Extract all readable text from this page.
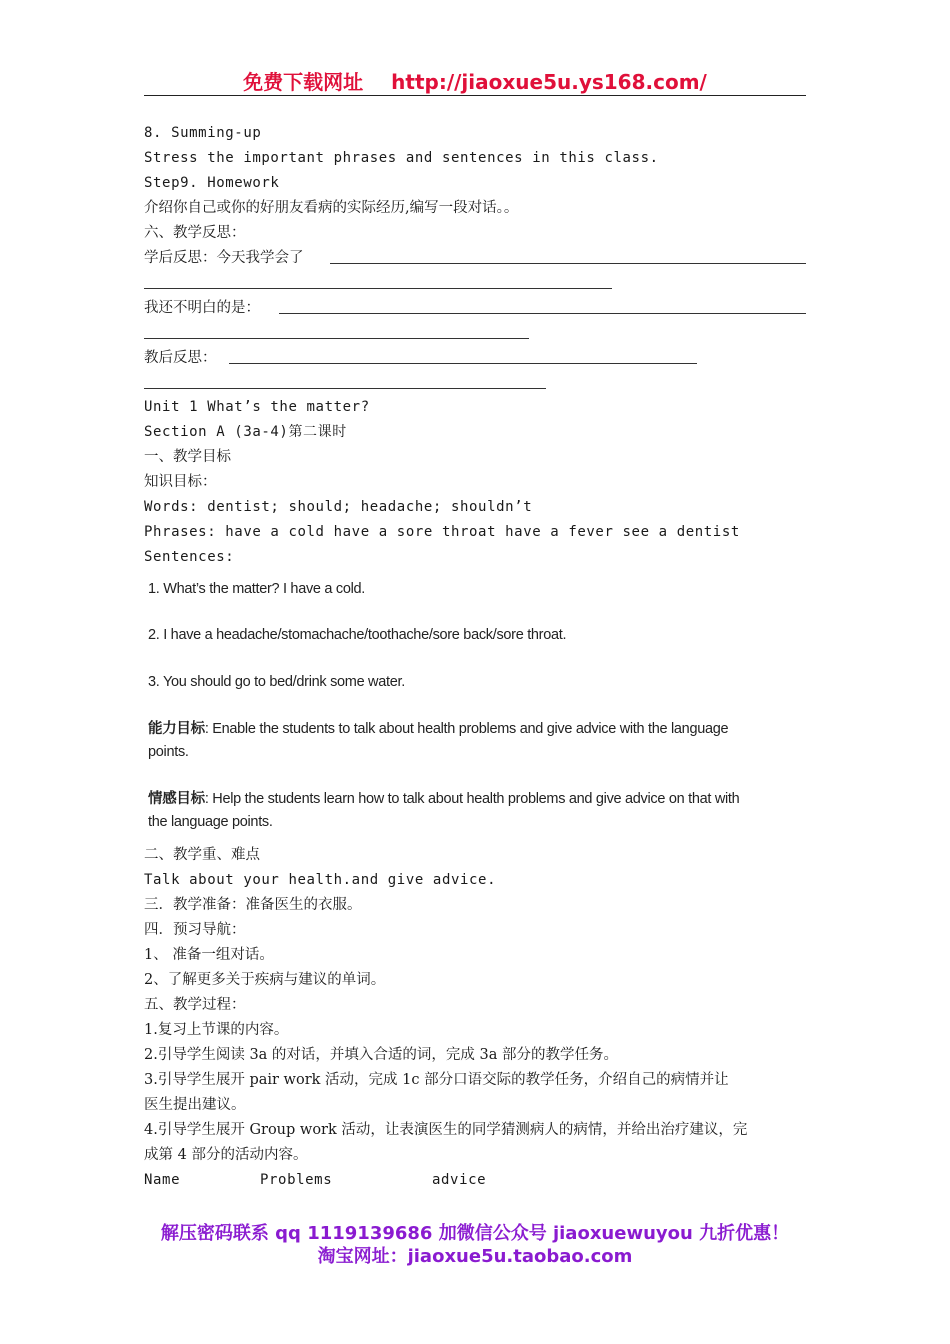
免费下载网址 http://jiaoxue5u.ys168.com/
8. Summing-up
Stress the important phrases and sentences in this class.
Step9. Homework
介绍你自己或你的好朋友看病的实际经历,编写一段对话。。
六、教学反思：
学后反思：今天我学会了
我还不明白的是：
教后反思：
Unit 1 What’s the matter?
Section A (3a-4)第二课时
一、教学目标
知识目标：
Words: dentist; should; headache; shouldn’t
Phrases: have a cold have a sore throat have a fever see a dentist
Sentences:
1. What’s the matter? I have a cold.
2. I have a headache/stomachache/toothache/sore back/sore throat.
3. You should go to bed/drink some water.
能力目标: Enable the students to talk about health problems and give advice with the language
points.
情感目标: Help the students learn how to talk about health problems and give advice on that with
the language points.
二、教学重、难点
Talk about your health.and give advice.
三．教学准备：准备医生的衣服。
四．预习导航：
1、 准备一组对话。
2、了解更多关于疾病与建议的单词。
五、教学过程：
1.复习上节课的内容。
2.引导学生阅读 3a 的对话，并填入合适的词，完成 3a 部分的教学任务。
3.引导学生展开 pair work 活动，完成 1c 部分口语交际的教学任务，介绍自己的病情并让
医生提出建议。
4.引导学生展开 Group work 活动，让表演医生的同学猜测病人的病情，并给出治疗建议，完
成第 4 部分的活动内容。
Name	Problems	advice
解压密码联系 qq 1119139686 加微信公众号 jiaoxuewuyou 九折优惠！
淘宝网址：jiaoxue5u.taobao.com
